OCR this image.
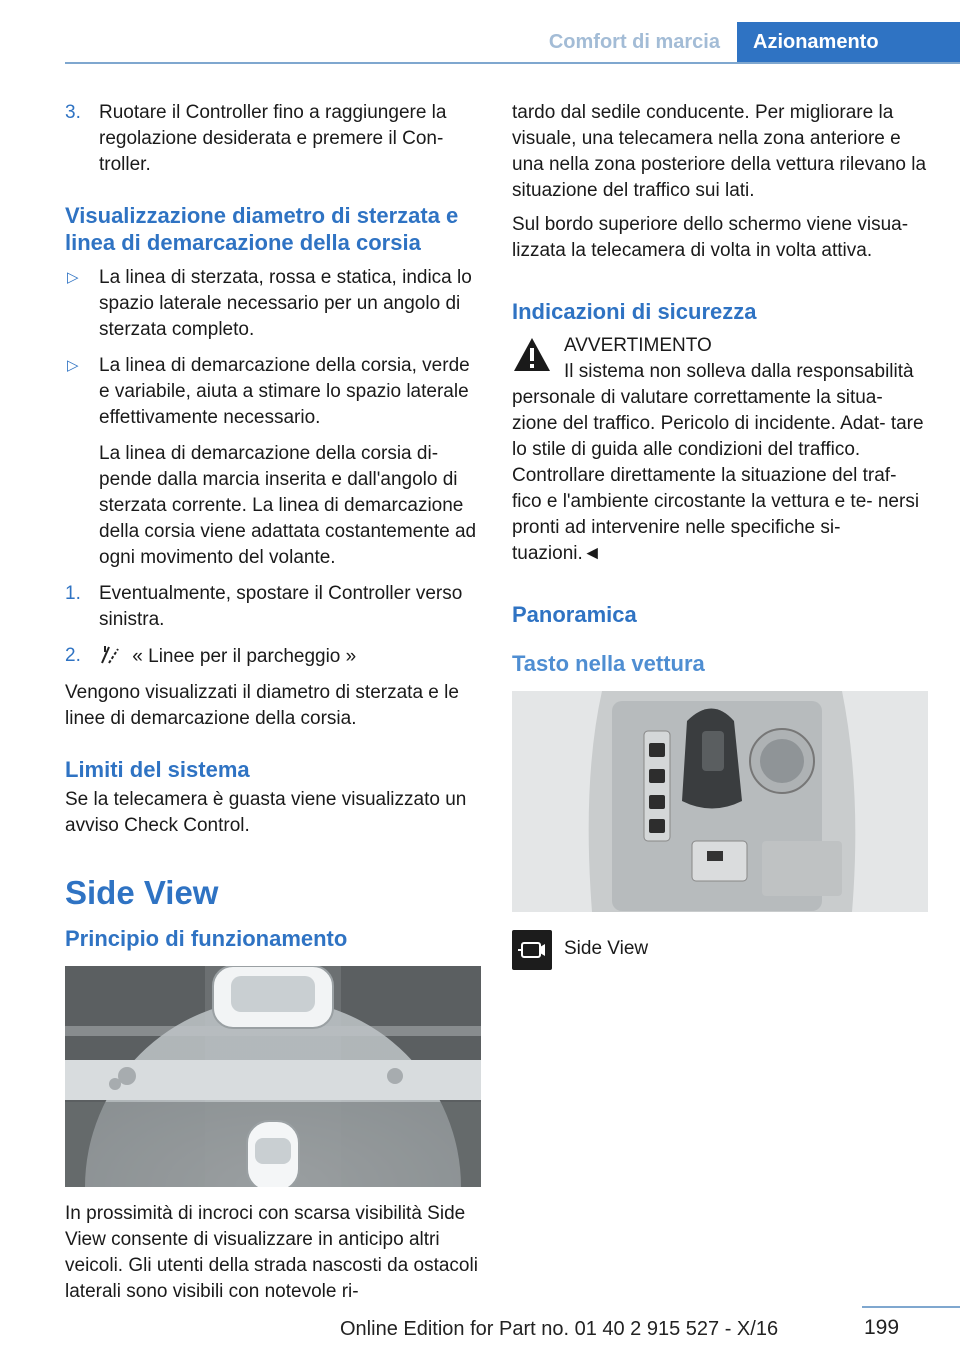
Comfort di marcia	Azionamento
3. Ruotare il Controller fino a raggiungere la regolazione desiderata e premere il Con- troller.
Visualizzazione diametro di sterzata e linea di demarcazione della corsia
▷ La linea di sterzata, rossa e statica, indica lo spazio laterale necessario per un angolo di sterzata completo.
▷ La linea di demarcazione della corsia, verde e variabile, aiuta a stimare lo spazio laterale effettivamente necessario.

La linea di demarcazione della corsia di- pende dalla marcia inserita e dall'angolo di sterzata corrente. La linea di demarcazione della corsia viene adattata costantemente ad ogni movimento del volante.

1. Eventualmente, spostare il Controller verso sinistra.
2.	« Linee per il parcheggio »

Vengono visualizzati il diametro di sterzata e le linee di demarcazione della corsia.

Limiti del sistema

Se la telecamera è guasta viene visualizzato un avviso Check Control.

Side View
Principio di funzionamento

In prossimità di incroci con scarsa visibilità Side View consente di visualizzare in anticipo altri veicoli. Gli utenti della strada nascosti da ostacoli laterali sono visibili con notevole ri-

tardo dal sedile conducente. Per migliorare la visuale, una telecamera nella zona anteriore e una nella zona posteriore della vettura rilevano la situazione del traffico sui lati.

Sul bordo superiore dello schermo viene visua- lizzata la telecamera di volta in volta attiva.

Indicazioni di sicurezza

AVVERTIMENTO

Il sistema non solleva dalla responsabilità personale di valutare correttamente la situa- zione del traffico. Pericolo di incidente. Adat- tare lo stile di guida alle condizioni del traffico. Controllare direttamente la situazione del traf- fico e l'ambiente circostante la vettura e te- nersi pronti ad intervenire nelle specifiche si- tuazioni.◄

Panoramica
Tasto nella vettura

Side View

199
Online Edition for Part no. 01 40 2 915 527 - X/16
